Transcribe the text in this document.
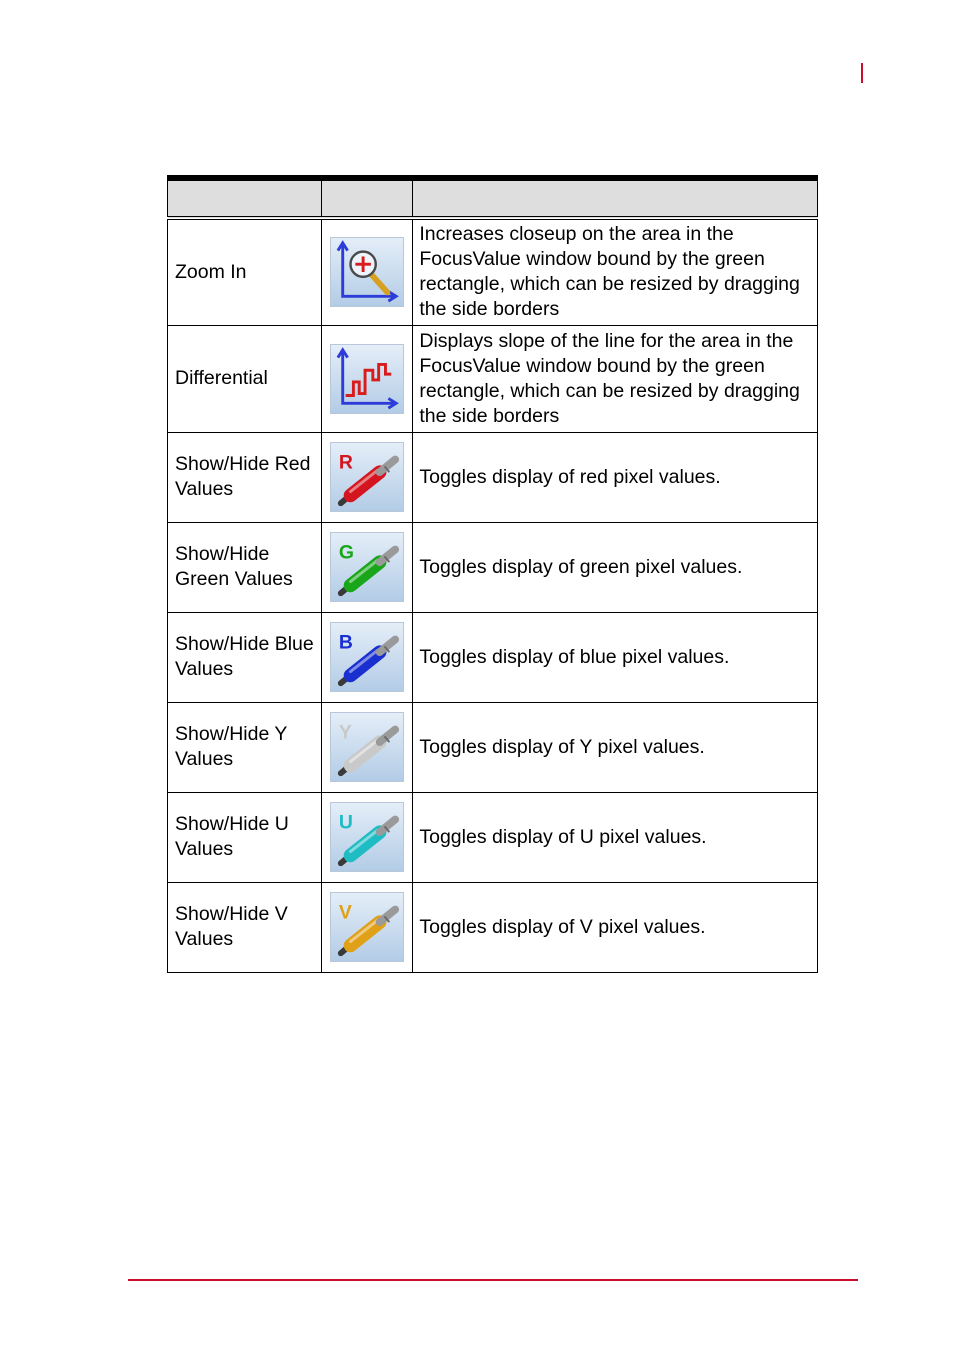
Zoom In		Increases closeup on the area in the FocusValue window bound by the green rectangle, which can be resized by dragging the side borders
Differential		Displays slope of the line for the area in the FocusValue window bound by the green rectangle, which can be resized by dragging the side borders
Show/Hide Red Values	R	Toggles display of red pixel values.
Show/Hide Green Values	G	Toggles display of green pixel values.
Show/Hide Blue Values	B	Toggles display of blue pixel values.
Show/Hide Y Values	Y	Toggles display of Y pixel values.
Show/Hide U Values	U	Toggles display of U pixel values.
Show/Hide V Values	V	Toggles display of V pixel values.
